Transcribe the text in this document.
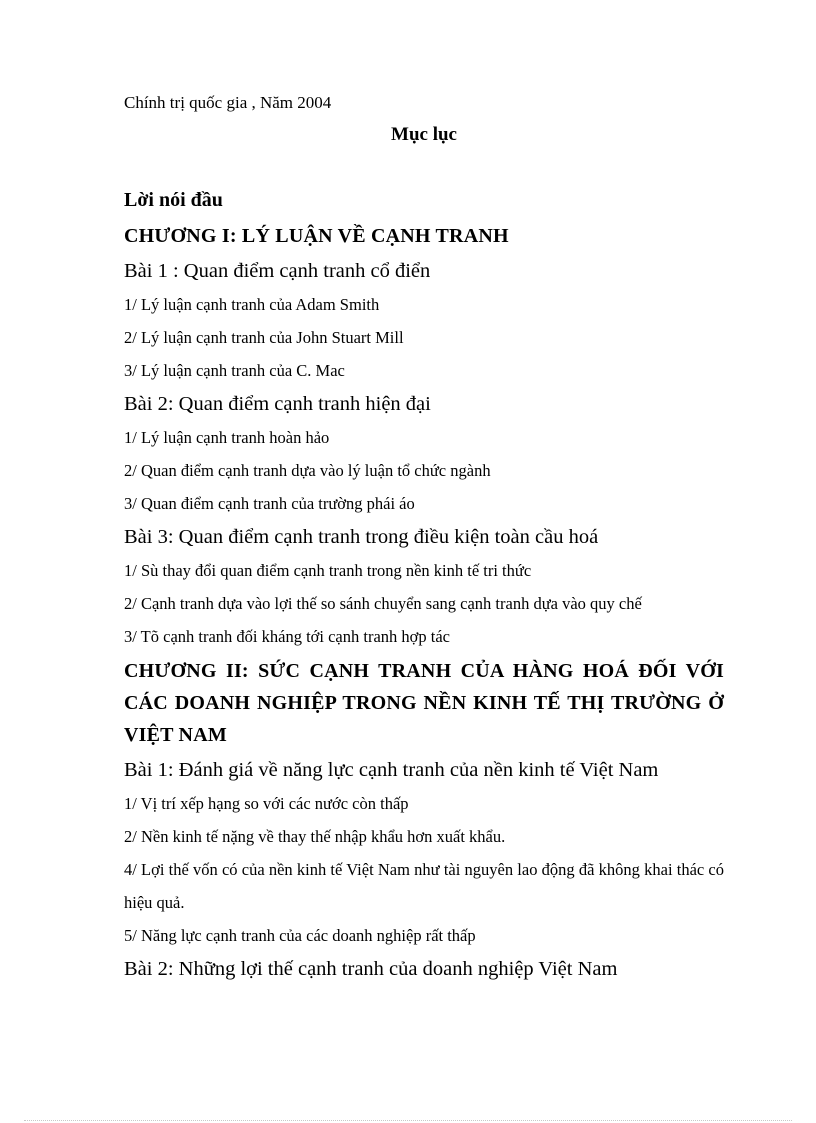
Chính trị quốc gia , Năm 2004

Mục lục

Lời nói đầu

CHƯƠNG I: LÝ LUẬN VỀ CẠNH TRANH

Bài 1 : Quan điểm cạnh tranh cổ điển

1/ Lý luận cạnh tranh của Adam Smith

2/ Lý luận cạnh tranh của John Stuart Mill

3/ Lý luận cạnh tranh của C. Mac

Bài 2: Quan điểm cạnh tranh hiện đại

1/ Lý luận cạnh tranh hoàn hảo

2/ Quan điểm cạnh tranh dựa vào lý luận tổ chức ngành

3/ Quan điểm cạnh tranh của trường phái áo

Bài 3: Quan điểm cạnh tranh trong điều kiện toàn cầu hoá

1/ Sù thay đổi quan điểm cạnh tranh trong nền kinh tế tri thức

2/ Cạnh tranh dựa vào lợi thế so sánh chuyển sang cạnh tranh dựa vào quy chế

3/ Tõ cạnh tranh đối kháng tới cạnh tranh hợp tác

CHƯƠNG II: SỨC CẠNH TRANH CỦA HÀNG HOÁ ĐỐI VỚI CÁC DOANH NGHIỆP TRONG NỀN KINH TẾ THỊ TRƯỜNG Ở VIỆT NAM

Bài 1: Đánh giá về năng lực cạnh tranh của nền kinh tế Việt Nam

1/ Vị trí xếp hạng so với các nước còn thấp

2/ Nền kinh tế nặng về thay thế nhập khẩu hơn xuất khẩu.

4/ Lợi thế vốn có của nền kinh tế Việt Nam như tài nguyên lao động đã không khai thác có hiệu quả.

5/ Năng lực cạnh tranh của các doanh nghiệp rất thấp

Bài 2: Những lợi thế cạnh tranh của doanh nghiệp Việt Nam
